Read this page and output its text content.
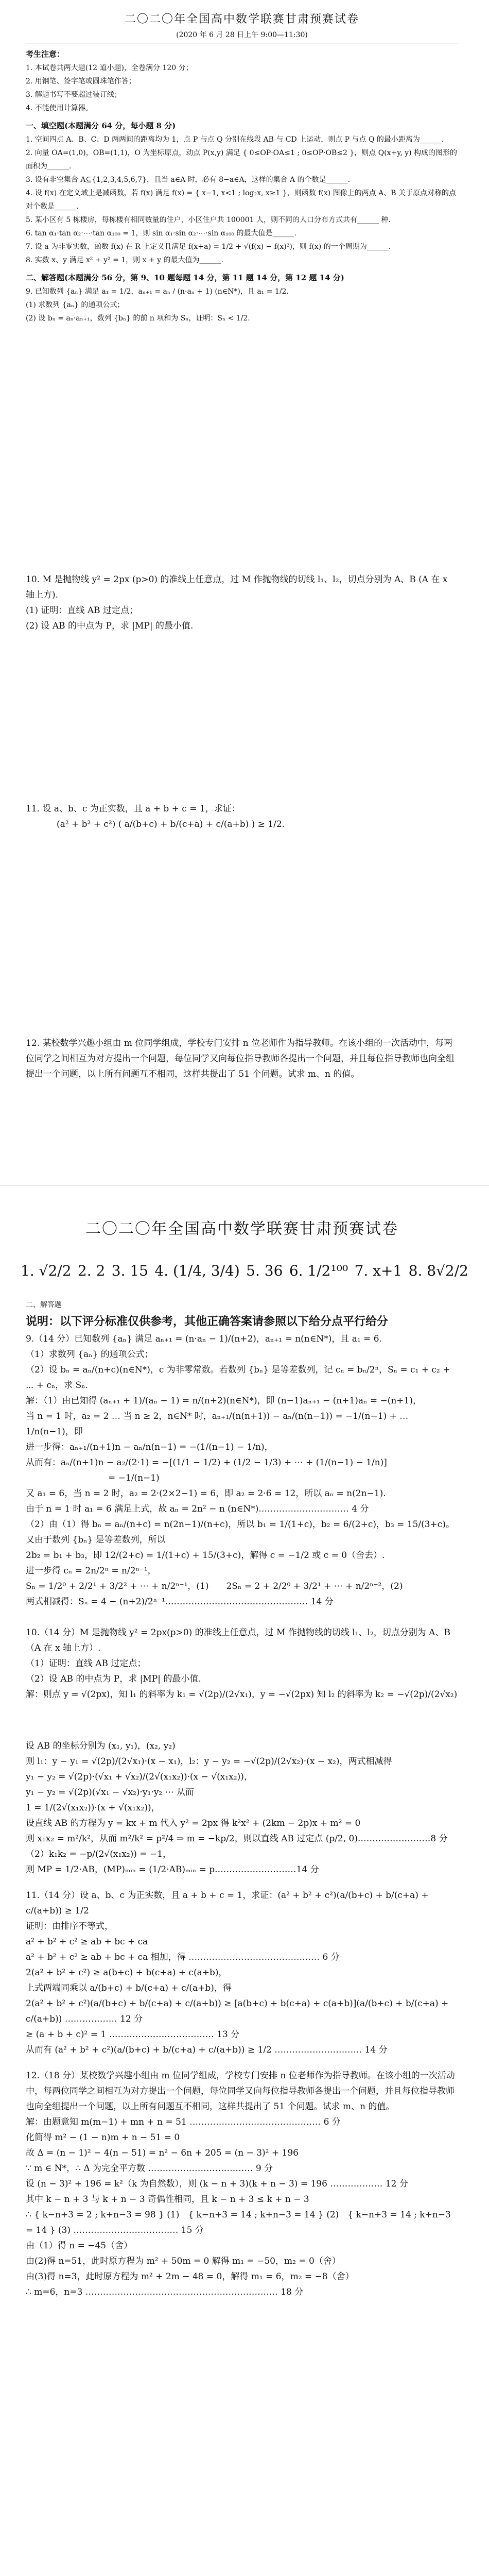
二〇二〇年全国高中数学联赛甘肃预赛试卷
(2020 年 6 月 28 日上午 9:00—11:30)
考生注意：

1. 本试卷共两大题(12 道小题)，全卷满分 120 分；

2. 用钢笔、签字笔或圆珠笔作答；

3. 解题书写不要超过装订线；

4. 不能使用计算器。

一、填空题(本题满分 64 分，每小题 8 分)

1. 空间四点 A、B、C、D 两两间的距离均为 1，点 P 与点 Q 分别在线段 AB 与 CD 上运动，则点 P 与点 Q 的最小距离为______.

2. 向量 OA=(1,0)，OB=(1,1)，O 为坐标原点，动点 P(x,y) 满足 { 0≤OP·OA≤1 ; 0≤OP·OB≤2 }，则点 Q(x+y, y) 构成的图形的面积为______.

3. 设有非空集合 A⊆{1,2,3,4,5,6,7}，且当 a∈A 时，必有 8−a∈A，这样的集合 A 的个数是______.

4. 设 f(x) 在定义域上是减函数，若 f(x) 满足 f(x) = { x−1, x<1 ; log₂x, x≥1 }，则函数 f(x) 图像上的两点 A、B 关于原点对称的点对个数是______.

5. 某小区有 5 栋楼房，每栋楼有相同数量的住户，小区住户共 100001 人，则不同的人口分布方式共有______ 种.

6. tan α₁·tan α₂·⋯·tan α₁₀₀ = 1，则 sin α₁·sin α₂·⋯·sin α₁₀₀ 的最大值是______.

7. 设 a 为非零实数，函数 f(x) 在 R 上定义且满足 f(x+a) = 1/2 + √(f(x) − f(x)²)，则 f(x) 的一个周期为______.

8. 实数 x、y 满足 x² + y² = 1，则 x + y 的最大值为______.

二、解答题(本题满分 56 分，第 9、10 题每题 14 分，第 11 题 14 分，第 12 题 14 分)

9. 已知数列 {aₙ} 满足 a₁ = 1/2，aₙ₊₁ = aₙ / (n·aₙ + 1) (n∈N*)，且 a₁ = 1/2.

(1) 求数列 {aₙ} 的通项公式；

(2) 设 bₙ = aₙ·aₙ₊₁，数列 {bₙ} 的前 n 项和为 Sₙ，证明：Sₙ < 1/2.

10. M 是抛物线 y² = 2px (p>0) 的准线上任意点，过 M 作抛物线的切线 l₁、l₂，切点分别为 A、B (A 在 x 轴上方).

(1) 证明：直线 AB 过定点；

(2) 设 AB 的中点为 P，求 |MP| 的最小值.

11. 设 a、b、c 为正实数，且 a + b + c = 1，求证：

(a² + b² + c²) ( a/(b+c) + b/(c+a) + c/(a+b) ) ≥ 1/2.

12. 某校数学兴趣小组由 m 位同学组成，学校专门安排 n 位老师作为指导教师。在该小组的一次活动中，每两位同学之间相互为对方提出一个问题，每位同学又向每位指导教师各提出一个问题，并且每位指导教师也向全组提出一个问题，以上所有问题互不相同，这样共提出了 51 个问题。试求 m、n 的值。

二〇二〇年全国高中数学联赛甘肃预赛试卷
1. √2/2 2. 2 3. 15 4. (1/4, 3/4) 5. 36 6. 1/2¹⁰⁰ 7. x+1 8. 8√2/2

二、解答题

说明：以下评分标准仅供参考，其他正确答案请参照以下给分点平行给分

9.（14 分）已知数列 {aₙ} 满足 aₙ₊₁ = (n·aₙ − 1)/(n+2)，aₙ₊₁ = n(n∈N*)，且 a₁ = 6.

（1）求数列 {aₙ} 的通项公式；

（2）设 bₙ = aₙ/(n+c)(n∈N*)，c 为非零常数。若数列 {bₙ} 是等差数列，记 cₙ = bₙ/2ⁿ，Sₙ = c₁ + c₂ + ⋯ + cₙ，求 Sₙ.

解：（1）由已知得 (aₙ₊₁ + 1)/(aₙ − 1) = n/(n+2)(n∈N*)，即 (n−1)aₙ₊₁ − (n+1)aₙ = −(n+1)，

当 n = 1 时，a₂ = 2 … 当 n ≥ 2，n∈N* 时，aₙ₊₁/(n(n+1)) − aₙ/(n(n−1)) = −1/(n−1) + … 1/n(n−1)，即

进一步得：aₙ₊₁/(n+1)n − aₙ/n(n−1) = −(1/(n−1) − 1/n)，

从而有：aₙ/(n+1)n − a₂/(2·1) = −[(1/1 − 1/2) + (1/2 − 1/3) + ⋯ + (1/(n−1) − 1/n)]

= −1/(n−1)

又 a₁ = 6，当 n = 2 时，a₂ = 2·(2×2−1) = 6，即 a₂ = 2·6 = 12，所以 aₙ = n(2n−1).

由于 n = 1 时 a₁ = 6 满足上式，故 aₙ = 2n² − n (n∈N*).………………………… 4 分

（2）由（1）得 bₙ = aₙ/(n+c) = n(2n−1)/(n+c)，所以 b₁ = 1/(1+c)，b₂ = 6/(2+c)，b₃ = 15/(3+c)。又由于数列 {bₙ} 是等差数列，所以

2b₂ = b₁ + b₃，即 12/(2+c) = 1/(1+c) + 15/(3+c)，解得 c = −1/2 或 c = 0（舍去）.

进一步得 cₙ = 2n/2ⁿ = n/2ⁿ⁻¹，

Sₙ = 1/2⁰ + 2/2¹ + 3/2² + ⋯ + n/2ⁿ⁻¹，(1)　　2Sₙ = 2 + 2/2⁰ + 3/2¹ + ⋯ + n/2ⁿ⁻²，(2)

两式相减得：Sₙ = 4 − (n+2)/2ⁿ⁻¹.………………………………………… 14 分

10.（14 分）M 是抛物线 y² = 2px(p>0) 的准线上任意点，过 M 作抛物线的切线 l₁、l₂，切点分别为 A、B（A 在 x 轴上方）.

（1）证明：直线 AB 过定点；

（2）设 AB 的中点为 P，求 |MP| 的最小值.

解：则点 y = √(2px)，知 l₁ 的斜率为 k₁ = √(2p)/(2√x₁)，y = −√(2px) 知 l₂ 的斜率为 k₂ = −√(2p)/(2√x₂)

设 AB 的坐标分别为 (x₁, y₁)，(x₂, y₂)

则 l₁：y − y₁ = √(2p)/(2√x₁)·(x − x₁)，l₂：y − y₂ = −√(2p)/(2√x₂)·(x − x₂)，两式相减得

y₁ − y₂ = √(2p)·(√x₁ + √x₂)/(2√(x₁x₂))·(x − √(x₁x₂))，

y₁ − y₂ = √(2p)(√x₁ − √x₂)·y₁·y₂ ⋯ 从而

1 = 1/(2√(x₁x₂))·(x + √(x₁x₂))，

设直线 AB 的方程为 y = kx + m 代入 y² = 2px 得 k²x² + (2km − 2p)x + m² = 0

则 x₁x₂ = m²/k²，从而 m²/k² = p²/4 ⇒ m = −kp/2，则以直线 AB 过定点 (p/2, 0).……………………8 分

（2）k₁k₂ = −p/(2√(x₁x₂)) = −1，

则 MP = 1/2·AB，(MP)ₘᵢₙ = (1/2·AB)ₘᵢₙ = p.………………………14 分

11.（14 分）设 a、b、c 为正实数，且 a + b + c = 1，求证：(a² + b² + c²)(a/(b+c) + b/(c+a) + c/(a+b)) ≥ 1/2

证明：由排序不等式，

a² + b² + c² ≥ ab + bc + ca

a² + b² + c² ≥ ab + bc + ca 相加，得 ……………………………………… 6 分

2(a² + b² + c²) ≥ a(b+c) + b(c+a) + c(a+b)，

上式两端同乘以 a/(b+c) + b/(c+a) + c/(a+b)，得

2(a² + b² + c²)(a/(b+c) + b/(c+a) + c/(a+b)) ≥ [a(b+c) + b(c+a) + c(a+b)](a/(b+c) + b/(c+a) + c/(a+b)) ……………… 12 分

≥ (a + b + c)² = 1 ……………………………… 13 分

从而有 (a² + b² + c²)(a/(b+c) + b/(c+a) + c/(a+b)) ≥ 1/2 ………………………… 14 分

12.（18 分）某校数学兴趣小组由 m 位同学组成，学校专门安排 n 位老师作为指导教师。在该小组的一次活动中，每两位同学之间相互为对方提出一个问题，每位同学又向每位指导教师各提出一个问题，并且每位指导教师也向全组提出一个问题，以上所有问题互不相同，这样共提出了 51 个问题。试求 m、n 的值。

解：由题意知 m(m−1) + mn + n = 51 ……………………………………… 6 分

化简得 m² − (1 − n)m + n − 51 = 0

故 Δ = (n − 1)² − 4(n − 51) = n² − 6n + 205 = (n − 3)² + 196

∵ m ∈ N*，∴ Δ 为完全平方数 ……………………………… 9 分

设 (n − 3)² + 196 = k²（k 为自然数），则 (k − n + 3)(k + n − 3) = 196 ……………… 12 分

其中 k − n + 3 与 k + n − 3 奇偶性相同，且 k − n + 3 ≤ k + n − 3

∴ { k−n+3 = 2 ; k+n−3 = 98 } (1)　{ k−n+3 = 14 ; k+n−3 = 14 } (2)　{ k−n+3 = 14 ; k+n−3 = 14 } (3) ……………………………… 15 分

由（1）得 n = −45（舍）

由(2)得 n=51，此时原方程为 m² + 50m = 0 解得 m₁ = −50，m₂ = 0（舍）

由(3)得 n=3，此时原方程为 m² + 2m − 48 = 0，解得 m₁ = 6，m₂ = −8（舍）

∴ m=6，n=3 ………………………………………………………… 18 分
